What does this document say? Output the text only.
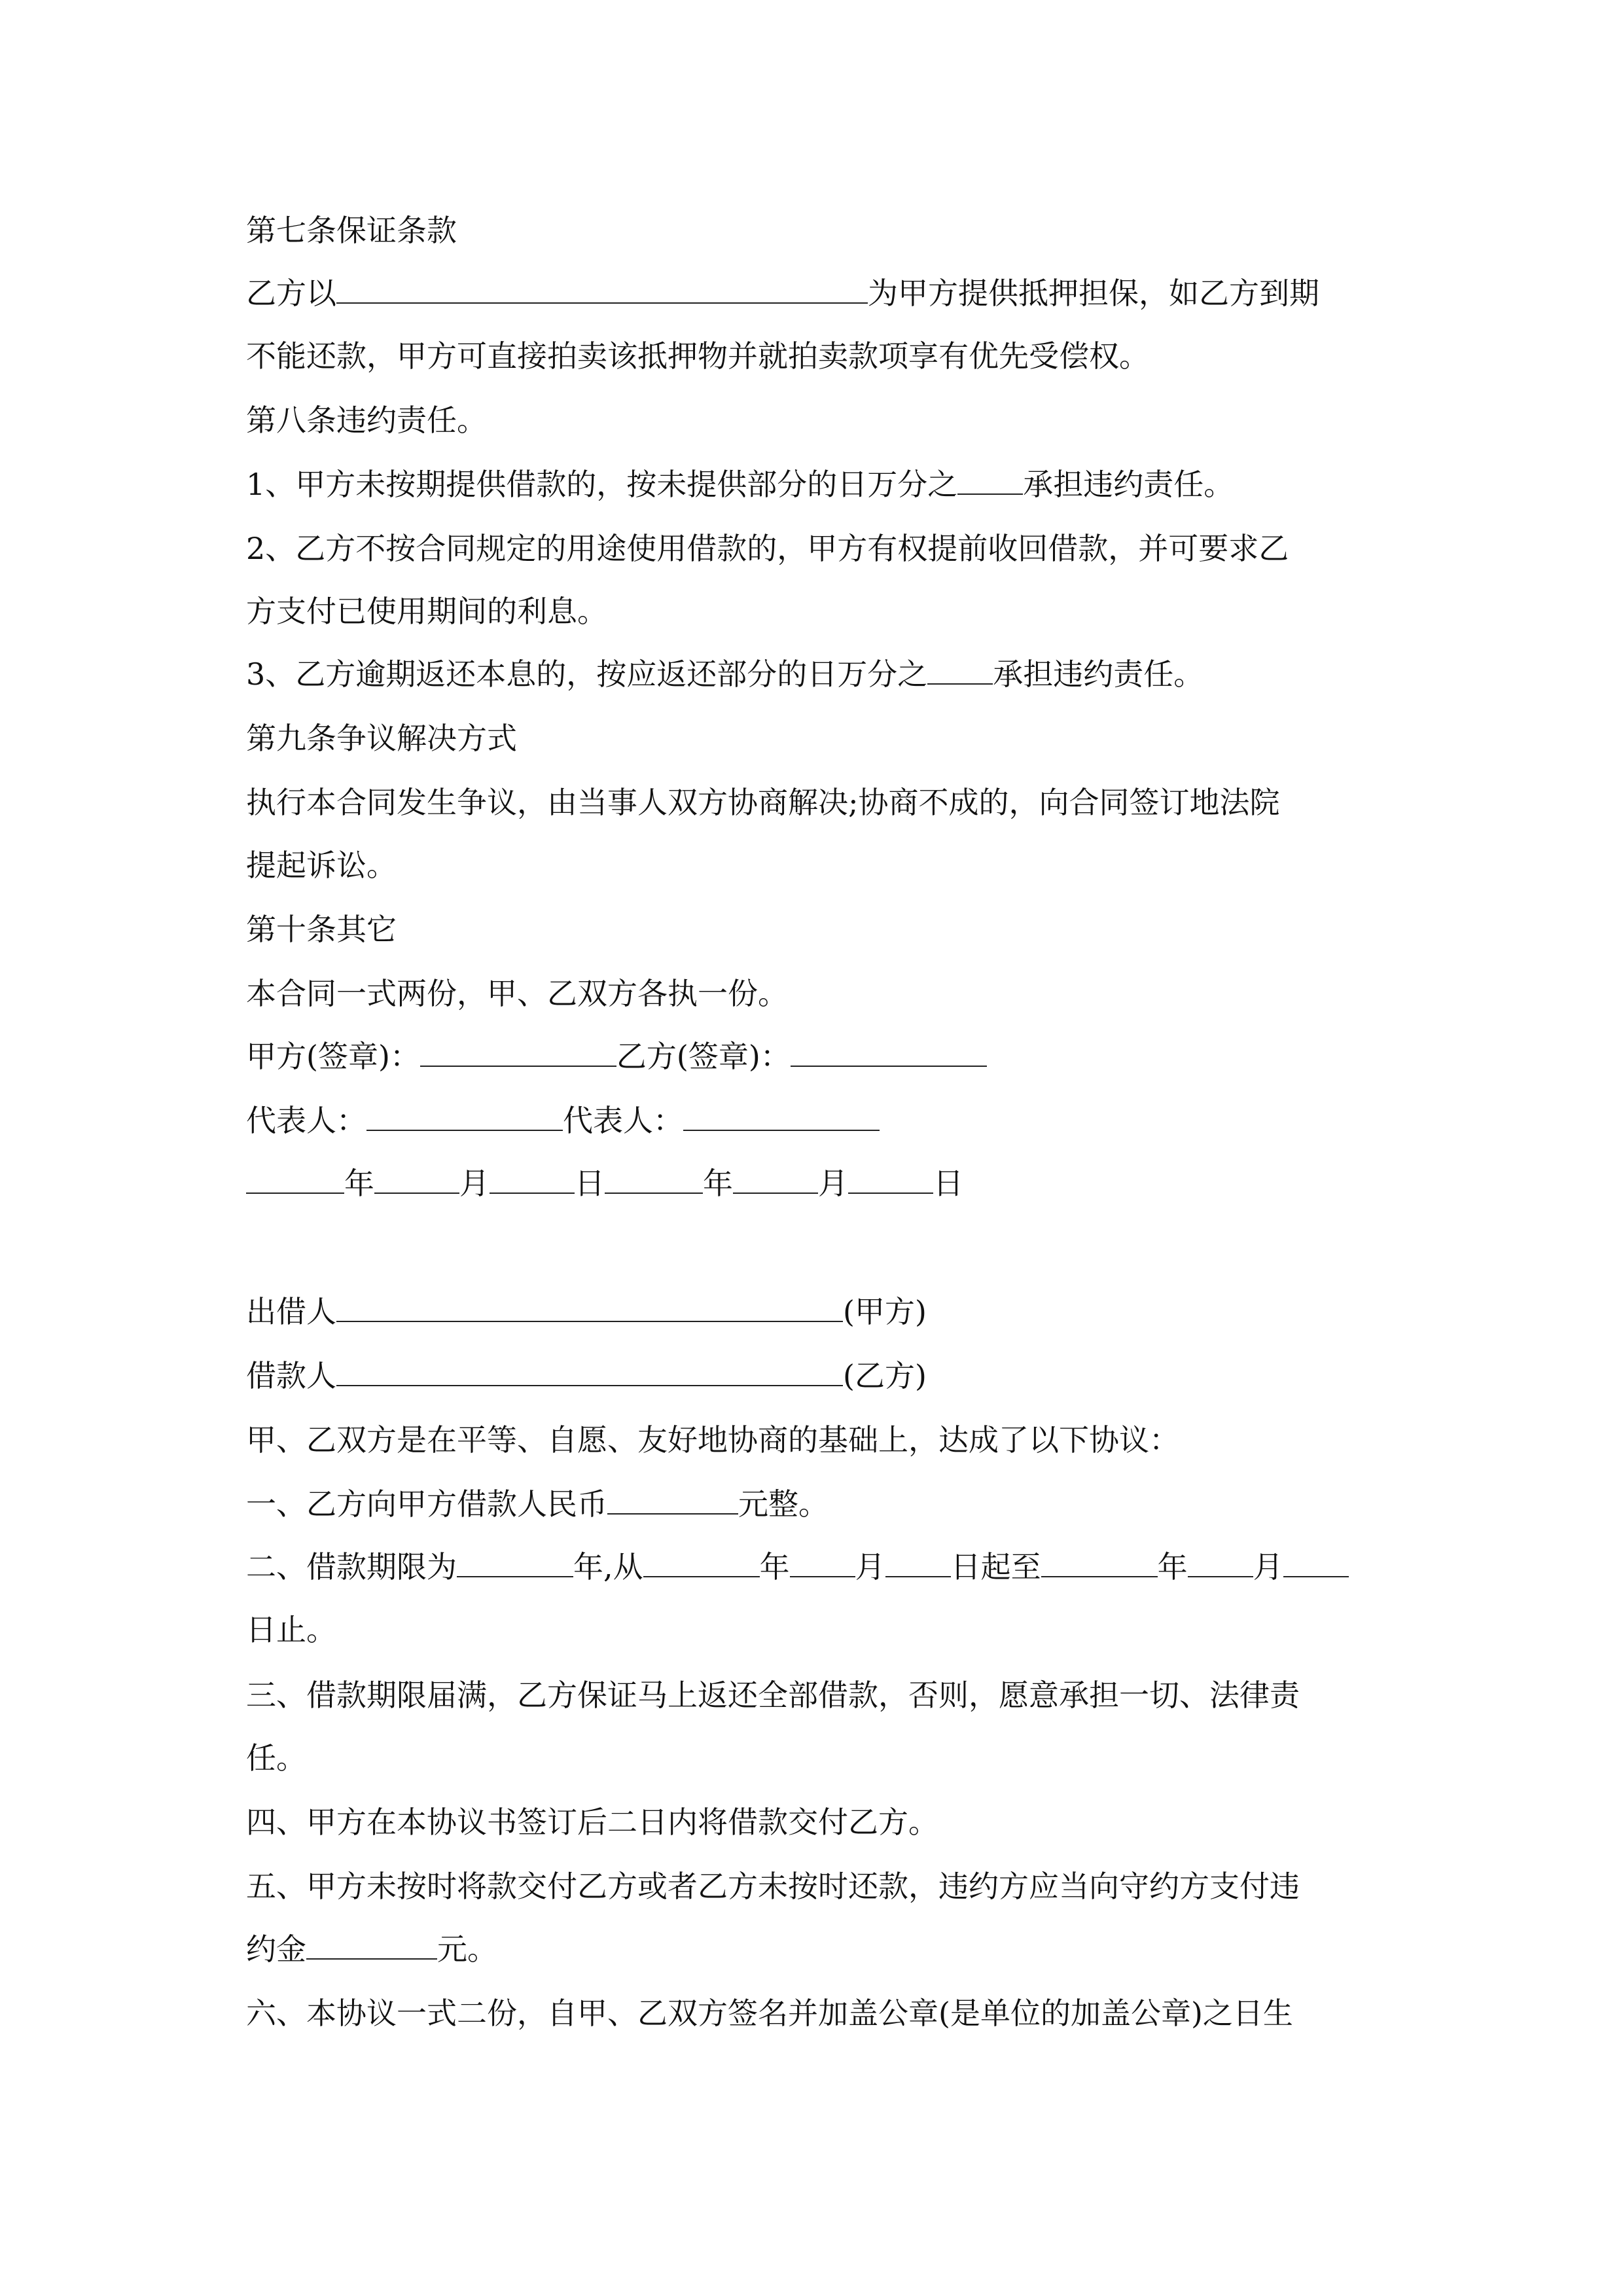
第七条保证条款
乙方以	为甲方提供抵押担保，如乙方到期
不能还款，甲方可直接拍卖该抵押物并就拍卖款项享有优先受偿权。
第八条违约责任。
1、甲方未按期提供借款的，按未提供部分的日万分之 承担违约责任。
2、乙方不按合同规定的用途使用借款的，甲方有权提前收回借款，并可要求乙
方支付已使用期间的利息。
3、乙方逾期返还本息的，按应返还部分的日万分之 承担违约责任。
第九条争议解决方式
执行本合同发生争议，由当事人双方协商解决;协商不成的，向合同签订地法院
提起诉讼。
第十条其它
本合同一式两份，甲、乙双方各执一份。
甲方(签章)：	乙方(签章)：
代表人：	代表人：
年	月	日	年	月	日
出借人	(甲方)
借款人	(乙方)
甲、乙双方是在平等、自愿、友好地协商的基础上，达成了以下协议：
一、乙方向甲方借款人民币	元整。
二、借款期限为	年,从	年 月 日起至	年 月
日止。
三、借款期限届满，乙方保证马上返还全部借款，否则，愿意承担一切、法律责
任。
四、甲方在本协议书签订后二日内将借款交付乙方。
五、甲方未按时将款交付乙方或者乙方未按时还款，违约方应当向守约方支付违
约金	元。
六、本协议一式二份，自甲、乙双方签名并加盖公章(是单位的加盖公章)之日生
